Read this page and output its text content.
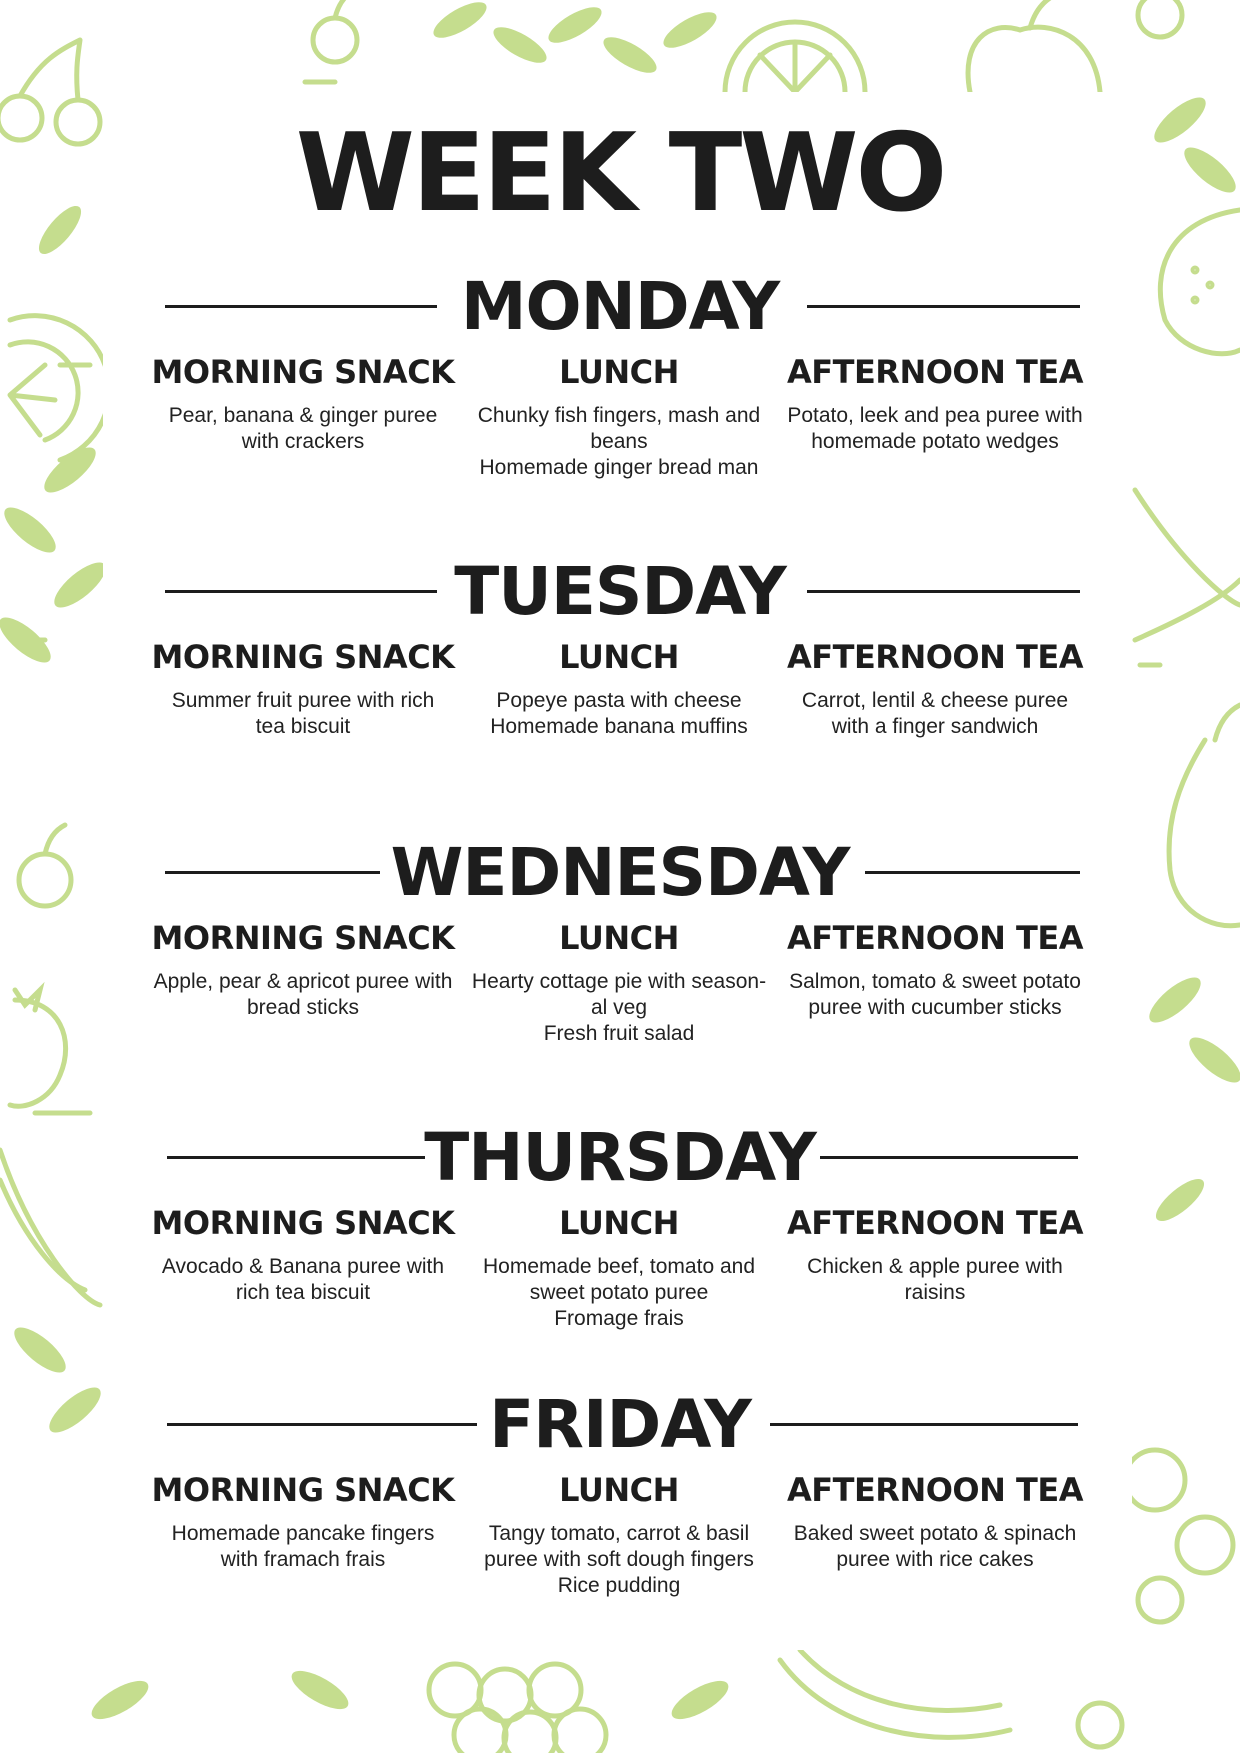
WEEK TWO
MONDAY
MORNING SNACK

Pear, banana & ginger puree
with crackers

LUNCH

Chunky fish fingers, mash and
beans
Homemade ginger bread man

AFTERNOON TEA

Potato, leek and pea puree with
homemade potato wedges

TUESDAY
MORNING SNACK

Summer fruit puree with rich
tea biscuit

LUNCH

Popeye pasta with cheese
Homemade banana muffins

AFTERNOON TEA

Carrot, lentil & cheese puree
with a finger sandwich

WEDNESDAY
MORNING SNACK

Apple, pear & apricot puree with
bread sticks

LUNCH

Hearty cottage pie with season-
al veg
Fresh fruit salad

AFTERNOON TEA

Salmon, tomato & sweet potato
puree with cucumber sticks

THURSDAY
MORNING SNACK

Avocado & Banana puree with
rich tea biscuit

LUNCH

Homemade beef, tomato and
sweet potato puree
Fromage frais

AFTERNOON TEA

Chicken & apple puree with
raisins

FRIDAY
MORNING SNACK

Homemade pancake fingers
with framach frais

LUNCH

Tangy tomato, carrot & basil
puree with soft dough fingers
Rice pudding

AFTERNOON TEA

Baked sweet potato & spinach
puree with rice cakes
